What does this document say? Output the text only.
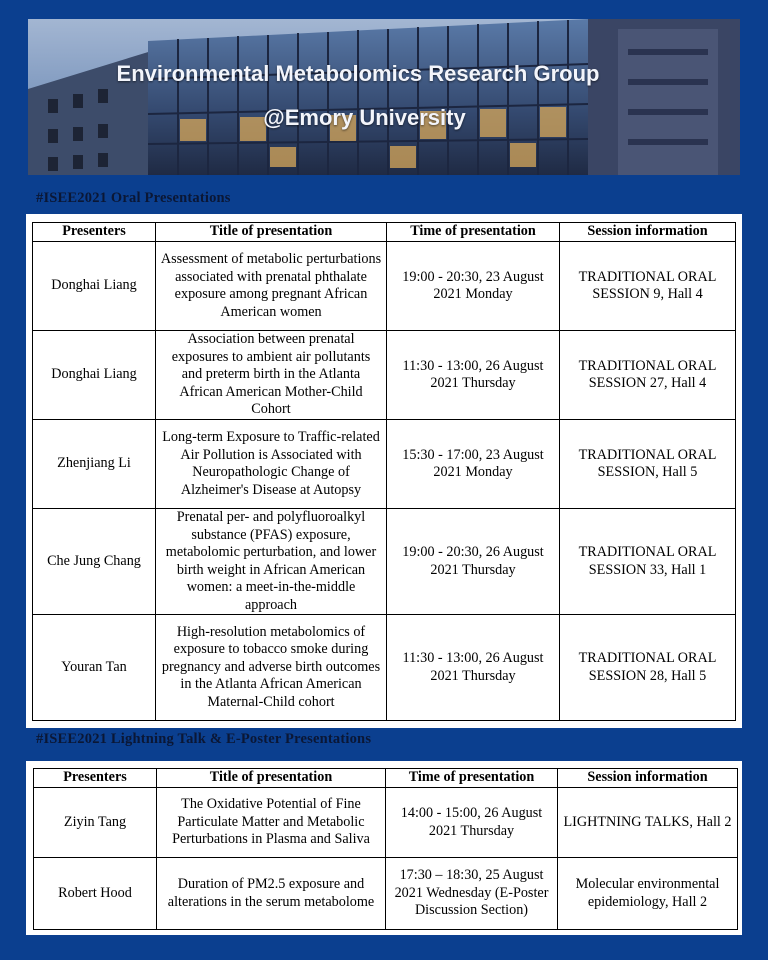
Environmental Metabolomics Research Group

@Emory University

#ISEE2021 Oral Presentations

Presenters	Title of presentation	Time of presentation	Session information
Donghai Liang	Assessment of metabolic perturbations associated with prenatal phthalate exposure among pregnant African American women	19:00 - 20:30, 23 August 2021 Monday	TRADITIONAL ORAL SESSION 9, Hall 4
Donghai Liang	Association between prenatal exposures to ambient air pollutants and preterm birth in the Atlanta African American Mother-Child Cohort	11:30 - 13:00, 26 August 2021 Thursday	TRADITIONAL ORAL SESSION 27, Hall 4
Zhenjiang Li	Long-term Exposure to Traffic-related Air Pollution is Associated with Neuropathologic Change of Alzheimer's Disease at Autopsy	15:30 - 17:00, 23 August 2021 Monday	TRADITIONAL ORAL SESSION, Hall 5
Che Jung Chang	Prenatal per- and polyfluoroalkyl substance (PFAS) exposure, metabolomic perturbation, and lower birth weight in African American women: a meet-in-the-middle approach	19:00 - 20:30, 26 August 2021 Thursday	TRADITIONAL ORAL SESSION 33, Hall 1
Youran Tan	High-resolution metabolomics of exposure to tobacco smoke during pregnancy and adverse birth outcomes in the Atlanta African American Maternal-Child cohort	11:30 - 13:00, 26 August 2021 Thursday	TRADITIONAL ORAL SESSION 28, Hall 5

#ISEE2021 Lightning Talk & E-Poster Presentations

Presenters	Title of presentation	Time of presentation	Session information
Ziyin Tang	The Oxidative Potential of Fine Particulate Matter and Metabolic Perturbations in Plasma and Saliva	14:00 - 15:00, 26 August 2021 Thursday	LIGHTNING TALKS, Hall 2
Robert Hood	Duration of PM2.5 exposure and alterations in the serum metabolome	17:30 – 18:30, 25 August 2021 Wednesday (E-Poster Discussion Section)	Molecular environmental epidemiology, Hall 2
